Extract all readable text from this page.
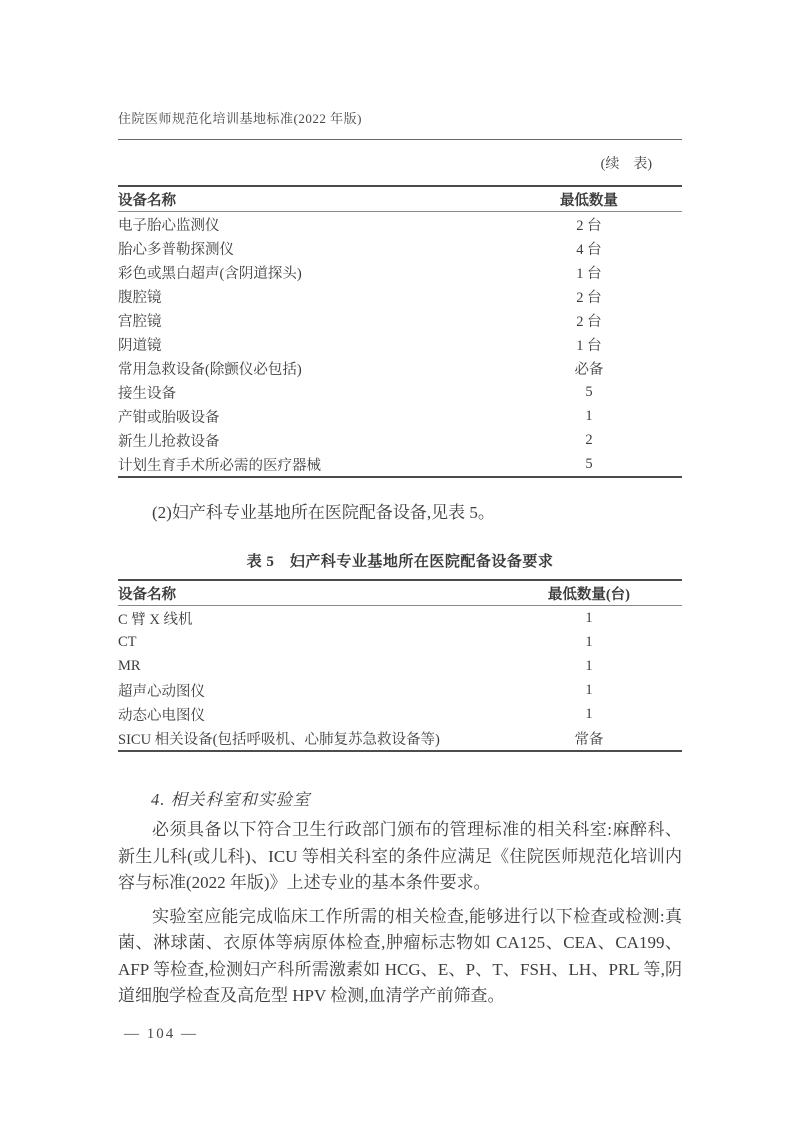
住院医师规范化培训基地标准(2022 年版)
(续　表)
设备名称	最低数量
电子胎心监测仪	2 台
胎心多普勒探测仪	4 台
彩色或黑白超声(含阴道探头)	1 台
腹腔镜	2 台
宫腔镜	2 台
阴道镜	1 台
常用急救设备(除颤仪必包括)	必备
接生设备	5
产钳或胎吸设备	1
新生儿抢救设备	2
计划生育手术所必需的医疗器械	5
(2)妇产科专业基地所在医院配备设备,见表 5。
表 5　妇产科专业基地所在医院配备设备要求
设备名称	最低数量(台)
C 臂 X 线机	1
CT	1
MR	1
超声心动图仪	1
动态心电图仪	1
SICU 相关设备(包括呼吸机、心肺复苏急救设备等)	常备
4. 相关科室和实验室
必须具备以下符合卫生行政部门颁布的管理标准的相关科室:麻醉科、新生儿科(或儿科)、ICU 等相关科室的条件应满足《住院医师规范化培训内容与标准(2022 年版)》上述专业的基本条件要求。
实验室应能完成临床工作所需的相关检查,能够进行以下检查或检测:真菌、淋球菌、衣原体等病原体检查,肿瘤标志物如 CA125、CEA、CA199、AFP 等检查,检测妇产科所需激素如 HCG、E、P、T、FSH、LH、PRL 等,阴道细胞学检查及高危型 HPV 检测,血清学产前筛查。
— 104 —
